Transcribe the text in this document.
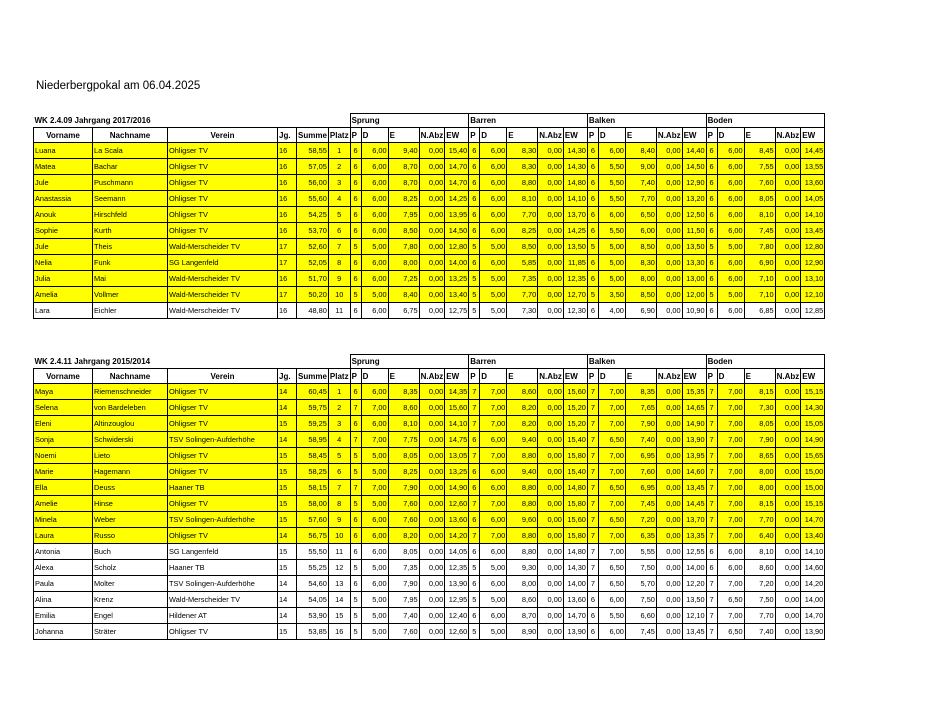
Niederbergpokal am 06.04.2025
WK 2.4.09 Jahrgang 2017/2016						Sprung					Barren					Balken					Boden				
Vorname	Nachname	Verein	Jg.	Summe	Platz	P	D	E	N.Abz	EW	P	D	E	N.Abz	EW	P	D	E	N.Abz	EW	P	D	E	N.Abz	EW
Luana	La Scala	Ohligser TV	16	58,55	1	6	6,00	9,40	0,00	15,40	6	6,00	8,30	0,00	14,30	6	6,00	8,40	0,00	14,40	6	6,00	8,45	0,00	14,45
Matea	Bachar	Ohligser TV	16	57,05	2	6	6,00	8,70	0,00	14,70	6	6,00	8,30	0,00	14,30	6	5,50	9,00	0,00	14,50	6	6,00	7,55	0,00	13,55
Jule	Puschmann	Ohligser TV	16	56,00	3	6	6,00	8,70	0,00	14,70	6	6,00	8,80	0,00	14,80	6	5,50	7,40	0,00	12,90	6	6,00	7,60	0,00	13,60
Anastassia	Seemann	Ohligser TV	16	55,60	4	6	6,00	8,25	0,00	14,25	6	6,00	8,10	0,00	14,10	6	5,50	7,70	0,00	13,20	6	6,00	8,05	0,00	14,05
Anouk	Hirschfeld	Ohligser TV	16	54,25	5	6	6,00	7,95	0,00	13,95	6	6,00	7,70	0,00	13,70	6	6,00	6,50	0,00	12,50	6	6,00	8,10	0,00	14,10
Sophie	Kurth	Ohligser TV	16	53,70	6	6	6,00	8,50	0,00	14,50	6	6,00	8,25	0,00	14,25	6	5,50	6,00	0,00	11,50	6	6,00	7,45	0,00	13,45
Jule	Theis	Wald-Merscheider TV	17	52,60	7	5	5,00	7,80	0,00	12,80	5	5,00	8,50	0,00	13,50	5	5,00	8,50	0,00	13,50	5	5,00	7,80	0,00	12,80
Nelia	Funk	SG Langenfeld	17	52,05	8	6	6,00	8,00	0,00	14,00	6	6,00	5,85	0,00	11,85	6	5,00	8,30	0,00	13,30	6	6,00	6,90	0,00	12,90
Julia	Mai	Wald-Merscheider TV	16	51,70	9	6	6,00	7,25	0,00	13,25	5	5,00	7,35	0,00	12,35	6	5,00	8,00	0,00	13,00	6	6,00	7,10	0,00	13,10
Amelia	Vollmer	Wald-Merscheider TV	17	50,20	10	5	5,00	8,40	0,00	13,40	5	5,00	7,70	0,00	12,70	5	3,50	8,50	0,00	12,00	5	5,00	7,10	0,00	12,10
Lara	Eichler	Wald-Merscheider TV	16	48,80	11	6	6,00	6,75	0,00	12,75	5	5,00	7,30	0,00	12,30	6	4,00	6,90	0,00	10,90	6	6,00	6,85	0,00	12,85
WK 2.4.11 Jahrgang 2015/2014						Sprung					Barren					Balken					Boden				
Vorname	Nachname	Verein	Jg.	Summe	Platz	P	D	E	N.Abz	EW	P	D	E	N.Abz	EW	P	D	E	N.Abz	EW	P	D	E	N.Abz	EW
Maya	Riemenschneider	Ohligser TV	14	60,45	1	6	6,00	8,35	0,00	14,35	7	7,00	8,60	0,00	15,60	7	7,00	8,35	0,00	15,35	7	7,00	8,15	0,00	15,15
Selena	von Bardeleben	Ohligser TV	14	59,75	2	7	7,00	8,60	0,00	15,60	7	7,00	8,20	0,00	15,20	7	7,00	7,65	0,00	14,65	7	7,00	7,30	0,00	14,30
Eleni	Altinzouglou	Ohligser TV	15	59,25	3	6	6,00	8,10	0,00	14,10	7	7,00	8,20	0,00	15,20	7	7,00	7,90	0,00	14,90	7	7,00	8,05	0,00	15,05
Sonja	Schwiderski	TSV Solingen-Aufderhöhe	14	58,95	4	7	7,00	7,75	0,00	14,75	6	6,00	9,40	0,00	15,40	7	6,50	7,40	0,00	13,90	7	7,00	7,90	0,00	14,90
Noemi	Lieto	Ohligser TV	15	58,45	5	5	5,00	8,05	0,00	13,05	7	7,00	8,80	0,00	15,80	7	7,00	6,95	0,00	13,95	7	7,00	8,65	0,00	15,65
Marie	Hagemann	Ohligser TV	15	58,25	6	5	5,00	8,25	0,00	13,25	6	6,00	9,40	0,00	15,40	7	7,00	7,60	0,00	14,60	7	7,00	8,00	0,00	15,00
Ella	Deuss	Haaner TB	15	58,15	7	7	7,00	7,90	0,00	14,90	6	6,00	8,80	0,00	14,80	7	6,50	6,95	0,00	13,45	7	7,00	8,00	0,00	15,00
Amelie	Hinse	Ohligser TV	15	58,00	8	5	5,00	7,60	0,00	12,60	7	7,00	8,80	0,00	15,80	7	7,00	7,45	0,00	14,45	7	7,00	8,15	0,00	15,15
Minela	Weber	TSV Solingen-Aufderhöhe	15	57,60	9	6	6,00	7,60	0,00	13,60	6	6,00	9,60	0,00	15,60	7	6,50	7,20	0,00	13,70	7	7,00	7,70	0,00	14,70
Laura	Russo	Ohligser TV	14	56,75	10	6	6,00	8,20	0,00	14,20	7	7,00	8,80	0,00	15,80	7	7,00	6,35	0,00	13,35	7	7,00	6,40	0,00	13,40
Antonia	Buch	SG Langenfeld	15	55,50	11	6	6,00	8,05	0,00	14,05	6	6,00	8,80	0,00	14,80	7	7,00	5,55	0,00	12,55	6	6,00	8,10	0,00	14,10
Alexa	Scholz	Haaner TB	15	55,25	12	5	5,00	7,35	0,00	12,35	5	5,00	9,30	0,00	14,30	7	6,50	7,50	0,00	14,00	6	6,00	8,60	0,00	14,60
Paula	Molter	TSV Solingen-Aufderhöhe	14	54,60	13	6	6,00	7,90	0,00	13,90	6	6,00	8,00	0,00	14,00	7	6,50	5,70	0,00	12,20	7	7,00	7,20	0,00	14,20
Alina	Krenz	Wald-Merscheider TV	14	54,05	14	5	5,00	7,95	0,00	12,95	5	5,00	8,60	0,00	13,60	6	6,00	7,50	0,00	13,50	7	6,50	7,50	0,00	14,00
Emilia	Engel	Hildener AT	14	53,90	15	5	5,00	7,40	0,00	12,40	6	6,00	8,70	0,00	14,70	6	5,50	6,60	0,00	12,10	7	7,00	7,70	0,00	14,70
Johanna	Sträter	Ohligser TV	15	53,85	16	5	5,00	7,60	0,00	12,60	5	5,00	8,90	0,00	13,90	6	6,00	7,45	0,00	13,45	7	6,50	7,40	0,00	13,90
